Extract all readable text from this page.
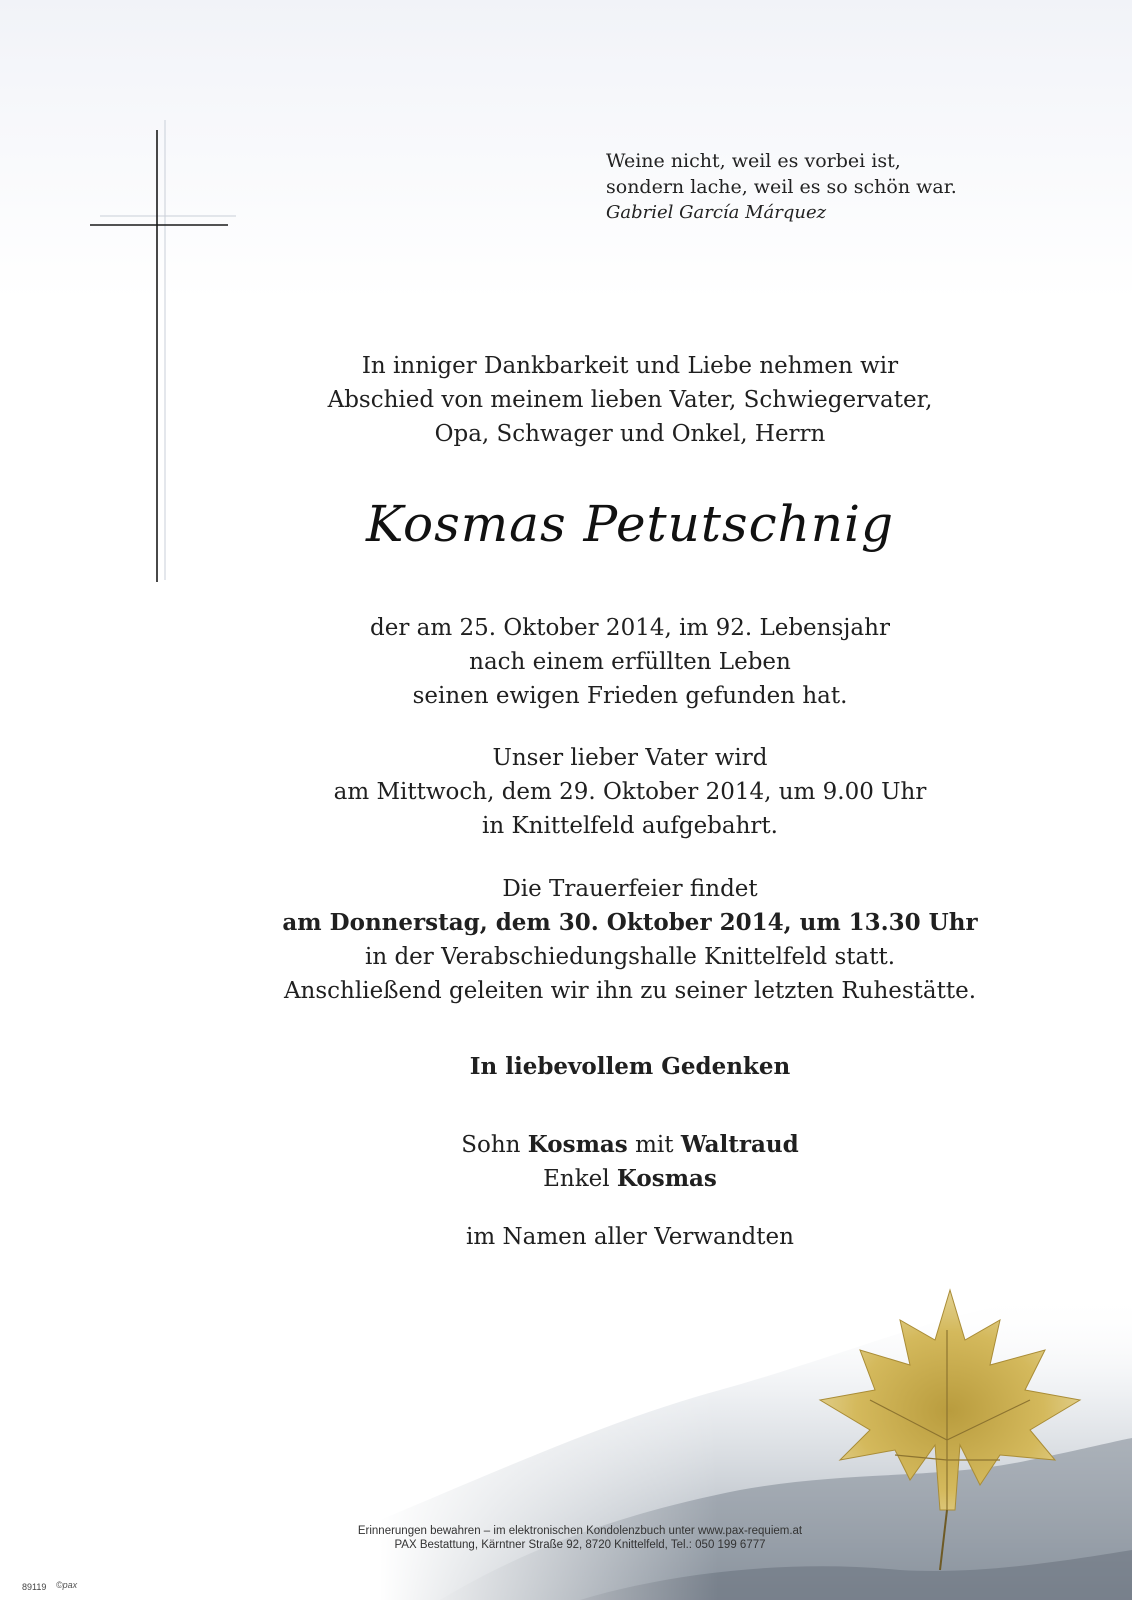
Weine nicht, weil es vorbei ist,
sondern lache, weil es so schön war.
Gabriel García Márquez
In inniger Dankbarkeit und Liebe nehmen wir
Abschied von meinem lieben Vater, Schwiegervater,
Opa, Schwager und Onkel, Herrn
Kosmas Petutschnig
der am 25. Oktober 2014, im 92. Lebensjahr
nach einem erfüllten Leben
seinen ewigen Frieden gefunden hat.
Unser lieber Vater wird
am Mittwoch, dem 29. Oktober 2014, um 9.00 Uhr
in Knittelfeld aufgebahrt.
Die Trauerfeier findet
am Donnerstag, dem 30. Oktober 2014, um 13.30 Uhr
in der Verabschiedungshalle Knittelfeld statt.
Anschließend geleiten wir ihn zu seiner letzten Ruhestätte.
In liebevollem Gedenken
Sohn Kosmas mit Waltraud
Enkel Kosmas
im Namen aller Verwandten
Erinnerungen bewahren – im elektronischen Kondolenzbuch unter www.pax-requiem.at
PAX Bestattung, Kärntner Straße 92, 8720 Knittelfeld, Tel.: 050 199 6777
89119 ©pax
